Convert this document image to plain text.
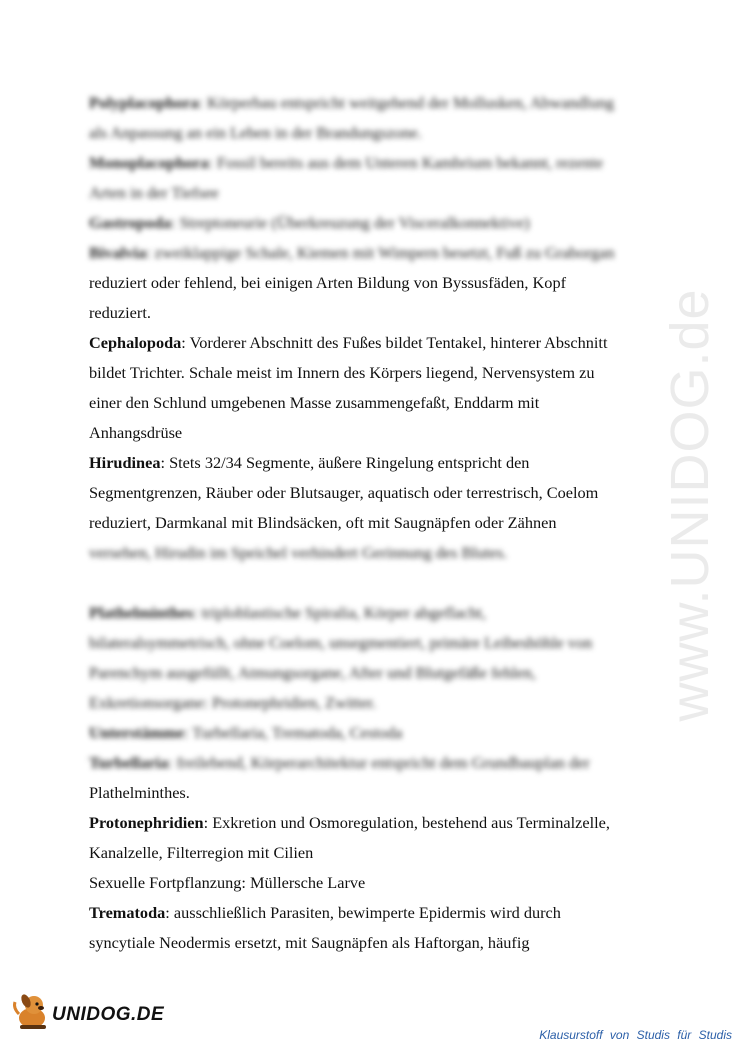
Polyplacophora: Körperbau entspricht weitgehend der Mollusken, Abwandlung
als Anpassung an ein Leben in der Brandungszone.
Monoplacophora: Fossil bereits aus dem Unteren Kambrium bekannt, rezente
Arten in der Tiefsee
Gastropoda: Streptoneurie (Überkreuzung der Visceralkonnektive)
Bivalvia: zweiklappige Schale, Kiemen mit Wimpern besetzt, Fuß zu Graborgan
reduziert oder fehlend, bei einigen Arten Bildung von Byssusfäden, Kopf
reduziert.
Cephalopoda: Vorderer Abschnitt des Fußes bildet Tentakel, hinterer Abschnitt
bildet Trichter. Schale meist im Innern des Körpers liegend, Nervensystem zu
einer den Schlund umgebenen Masse zusammengefaßt, Enddarm mit
Anhangsdrüse
Hirudinea: Stets 32/34 Segmente, äußere Ringelung entspricht den
Segmentgrenzen, Räuber oder Blutsauger, aquatisch oder terrestrisch, Coelom
reduziert, Darmkanal mit Blindsäcken, oft mit Saugnäpfen oder Zähnen
versehen, Hirudin im Speichel verhindert Gerinnung des Blutes.
Plathelminthes: triploblastische Spiralia, Körper abgeflacht,
bilateralsymmetrisch, ohne Coelom, unsegmentiert, primäre Leibeshöhle von
Parenchym ausgefüllt, Atmungsorgane, After und Blutgefäße fehlen,
Exkretionsorgane: Protonephridien, Zwitter.
Unterstämme: Turbellaria, Trematoda, Cestoda
Turbellaria: freilebend, Körperarchitektur entspricht dem Grundbauplan der
Plathelminthes.
Protonephridien: Exkretion und Osmoregulation, bestehend aus Terminalzelle,
Kanalzelle, Filterregion mit Cilien
Sexuelle Fortpflanzung: Müllersche Larve
Trematoda: ausschließlich Parasiten, bewimperte Epidermis wird durch
syncytiale Neodermis ersetzt, mit Saugnäpfen als Haftorgan, häufig
www.UNIDOG.de
UNIDOG.DE
Klausurstoff von Studis für Studis
